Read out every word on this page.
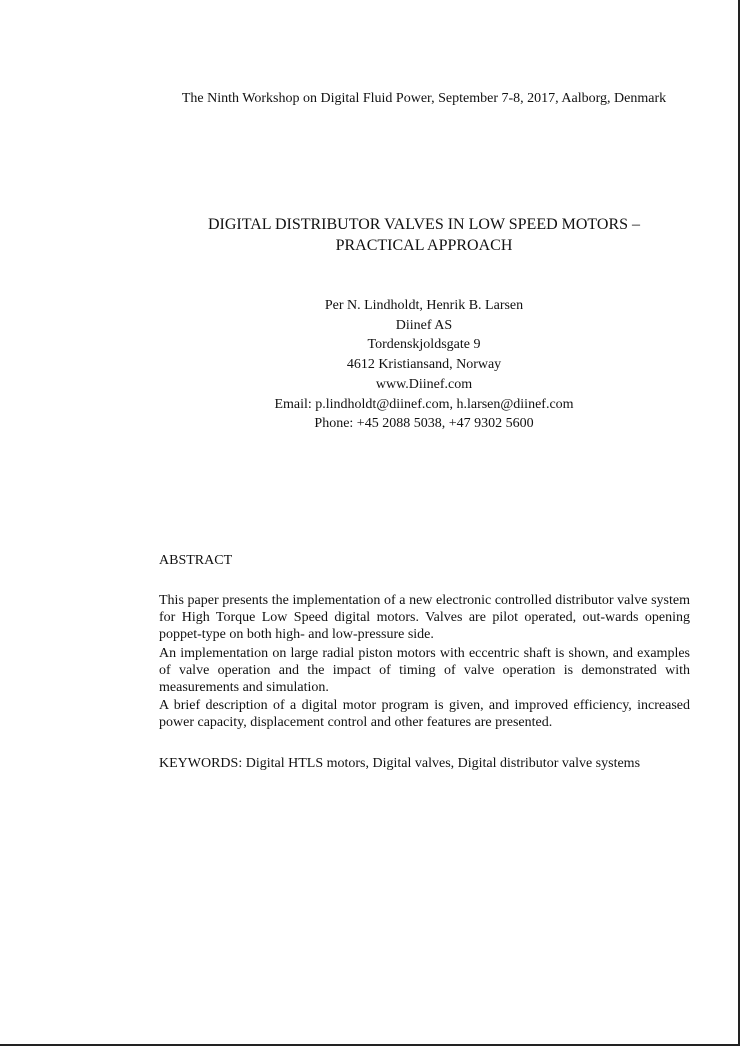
The Ninth Workshop on Digital Fluid Power, September 7-8, 2017, Aalborg, Denmark
DIGITAL DISTRIBUTOR VALVES IN LOW SPEED MOTORS –
PRACTICAL APPROACH
Per N. Lindholdt, Henrik B. Larsen
Diinef AS
Tordenskjoldsgate 9
4612 Kristiansand, Norway
www.Diinef.com
Email: p.lindholdt@diinef.com, h.larsen@diinef.com
Phone: +45 2088 5038, +47 9302 5600
ABSTRACT

This paper presents the implementation of a new electronic controlled distributor valve system for High Torque Low Speed digital motors. Valves are pilot operated, out-wards opening poppet-type on both high- and low-pressure side.

An implementation on large radial piston motors with eccentric shaft is shown, and examples of valve operation and the impact of timing of valve operation is demonstrated with measurements and simulation.

A brief description of a digital motor program is given, and improved efficiency, increased power capacity, displacement control and other features are presented.

KEYWORDS: Digital HTLS motors, Digital valves, Digital distributor valve systems
